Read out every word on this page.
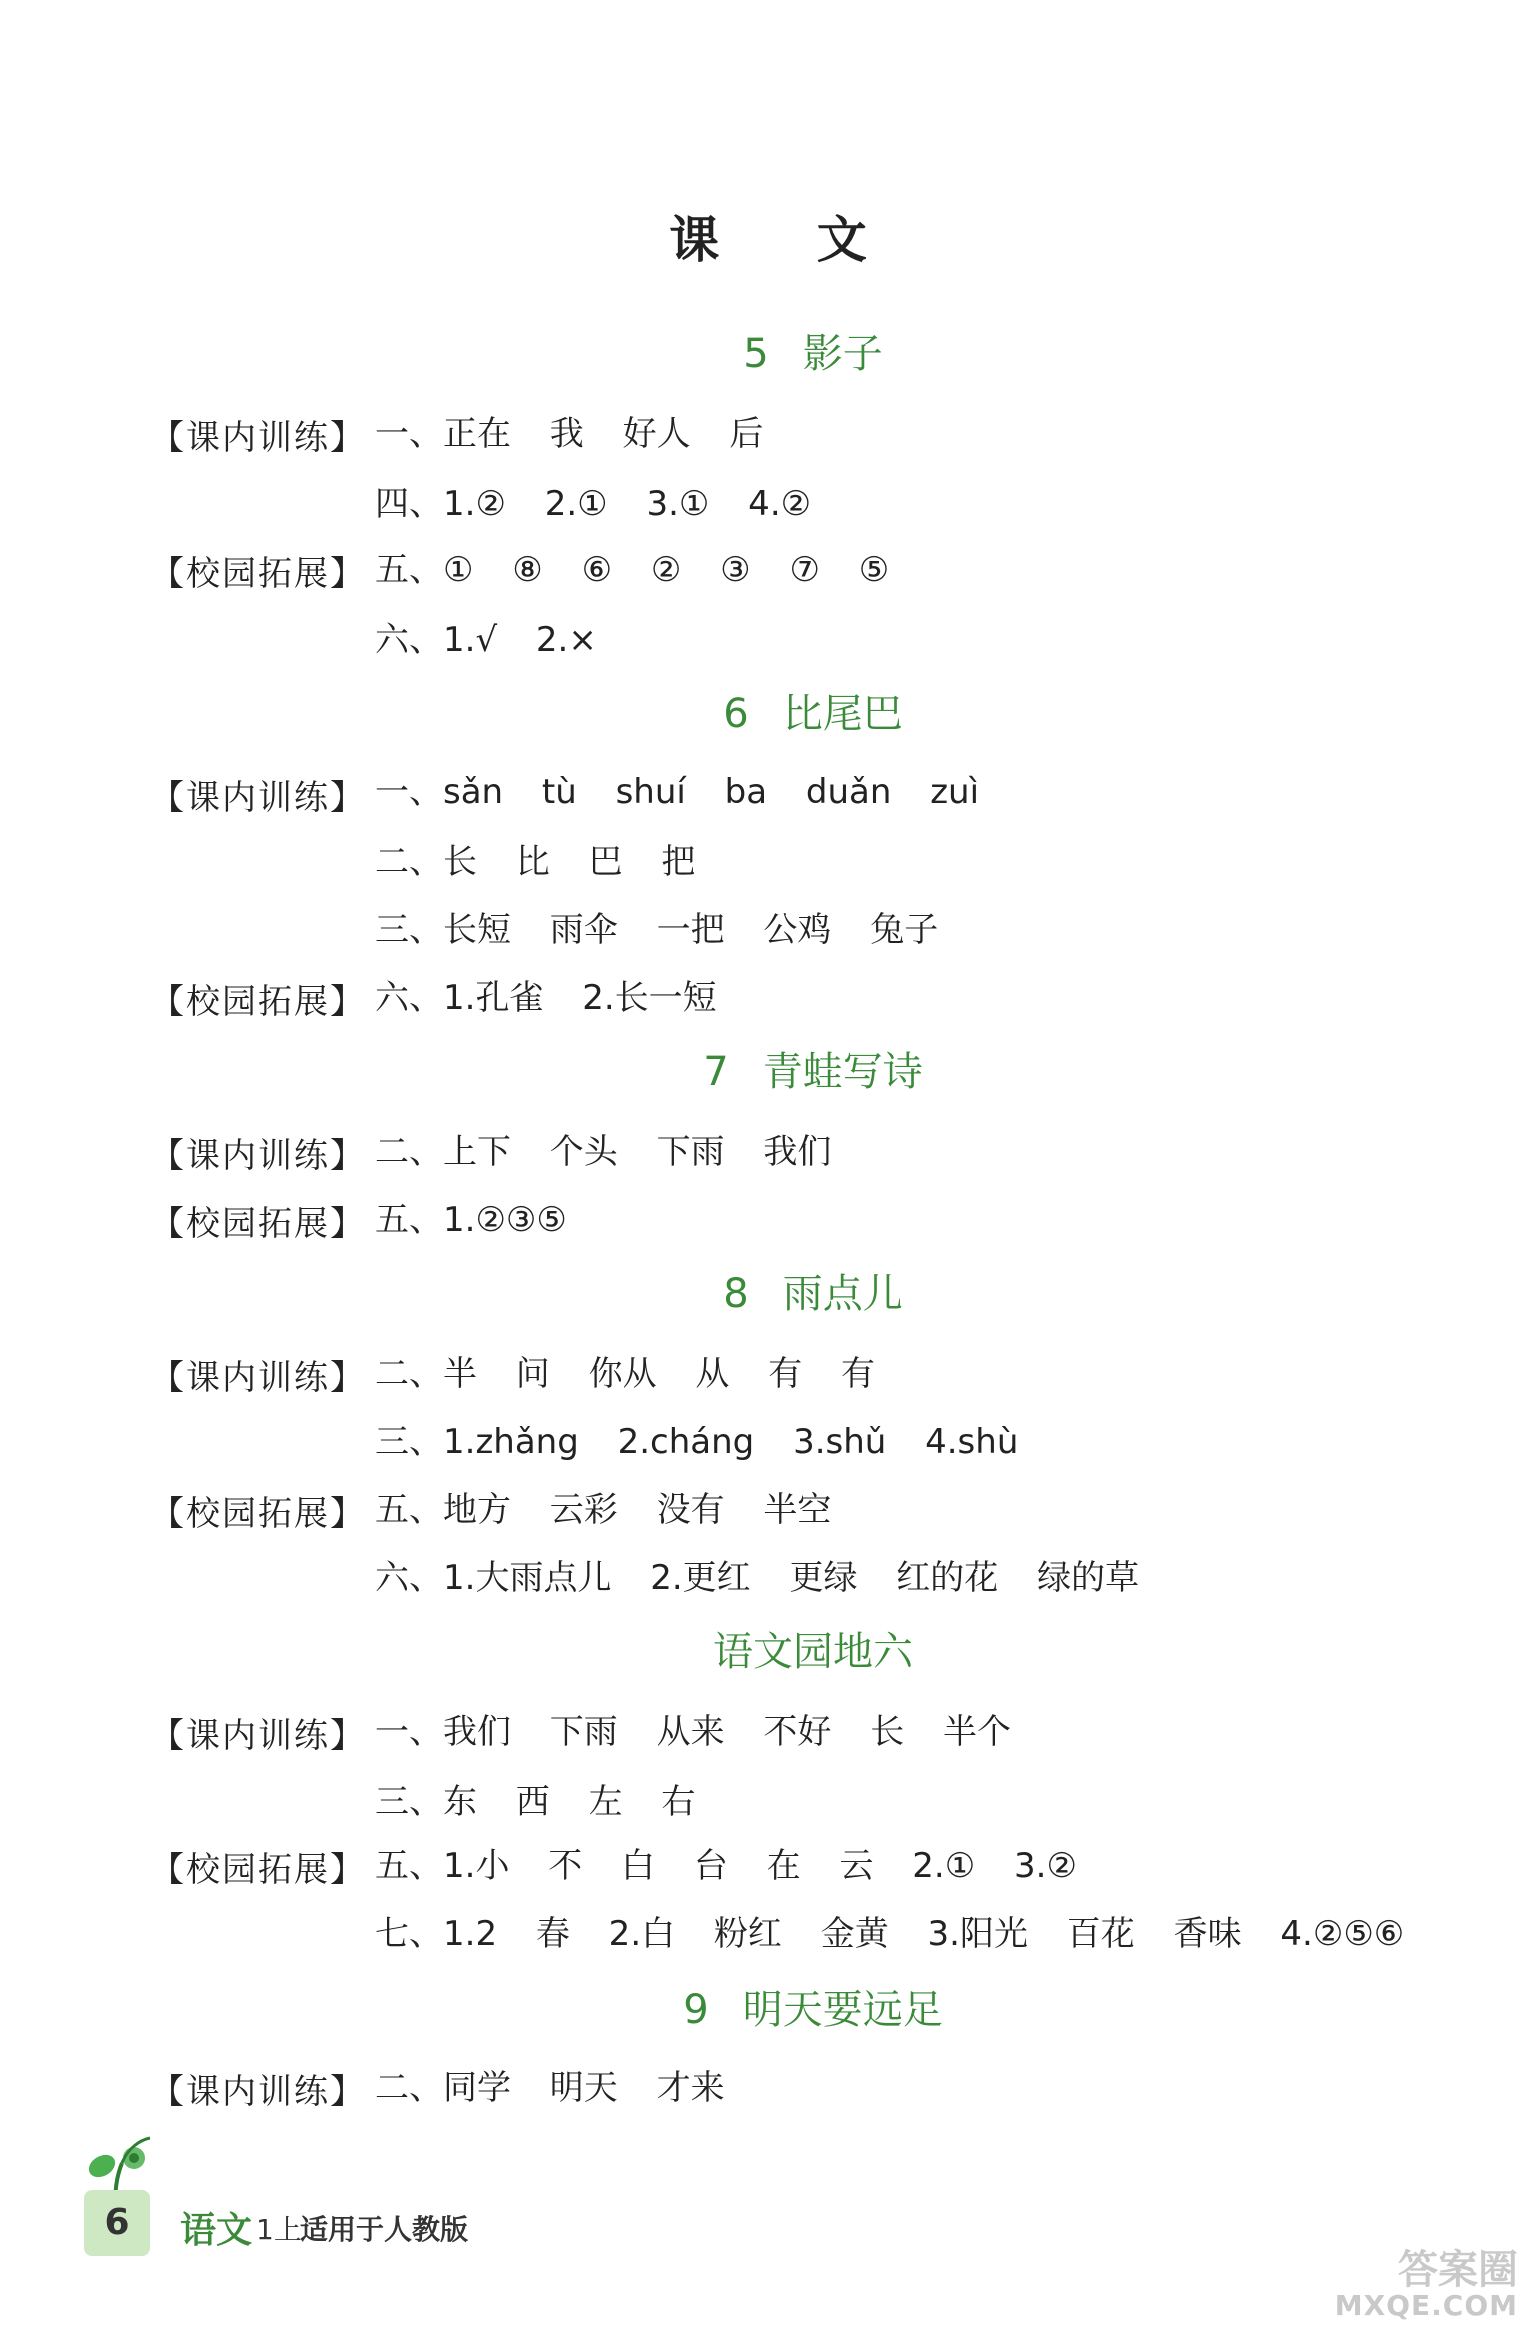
课 文
5 影子
6 比尾巴
7 青蛙写诗
8 雨点儿
语文园地六
9 明天要远足
【课内训练】 一、正在 我 好人 后
四、1.② 2.① 3.① 4.②
【校园拓展】 五、① ⑧ ⑥ ② ③ ⑦ ⑤
六、1.√ 2.×
【课内训练】 一、sǎn tù shuí ba duǎn zuì
二、长 比 巴 把
三、长短 雨伞 一把 公鸡 兔子
【校园拓展】 六、1.孔雀 2.长一短
【课内训练】 二、上下 个头 下雨 我们
【校园拓展】 五、1.②③⑤
【课内训练】 二、半 问 你从 从 有 有
三、1.zhǎng 2.cháng 3.shǔ 4.shù
【校园拓展】 五、地方 云彩 没有 半空
六、1.大雨点儿 2.更红 更绿 红的花 绿的草
【课内训练】 一、我们 下雨 从来 不好 长 半个
三、东 西 左 右
【校园拓展】 五、1.小 不 白 台 在 云 2.① 3.②
七、1.2 春 2.白 粉红 金黄 3.阳光 百花 香味 4.②⑤⑥
【课内训练】 二、同学 明天 才来
6	语文 1上
适用于人教版
答案圈
MXQE.COM
